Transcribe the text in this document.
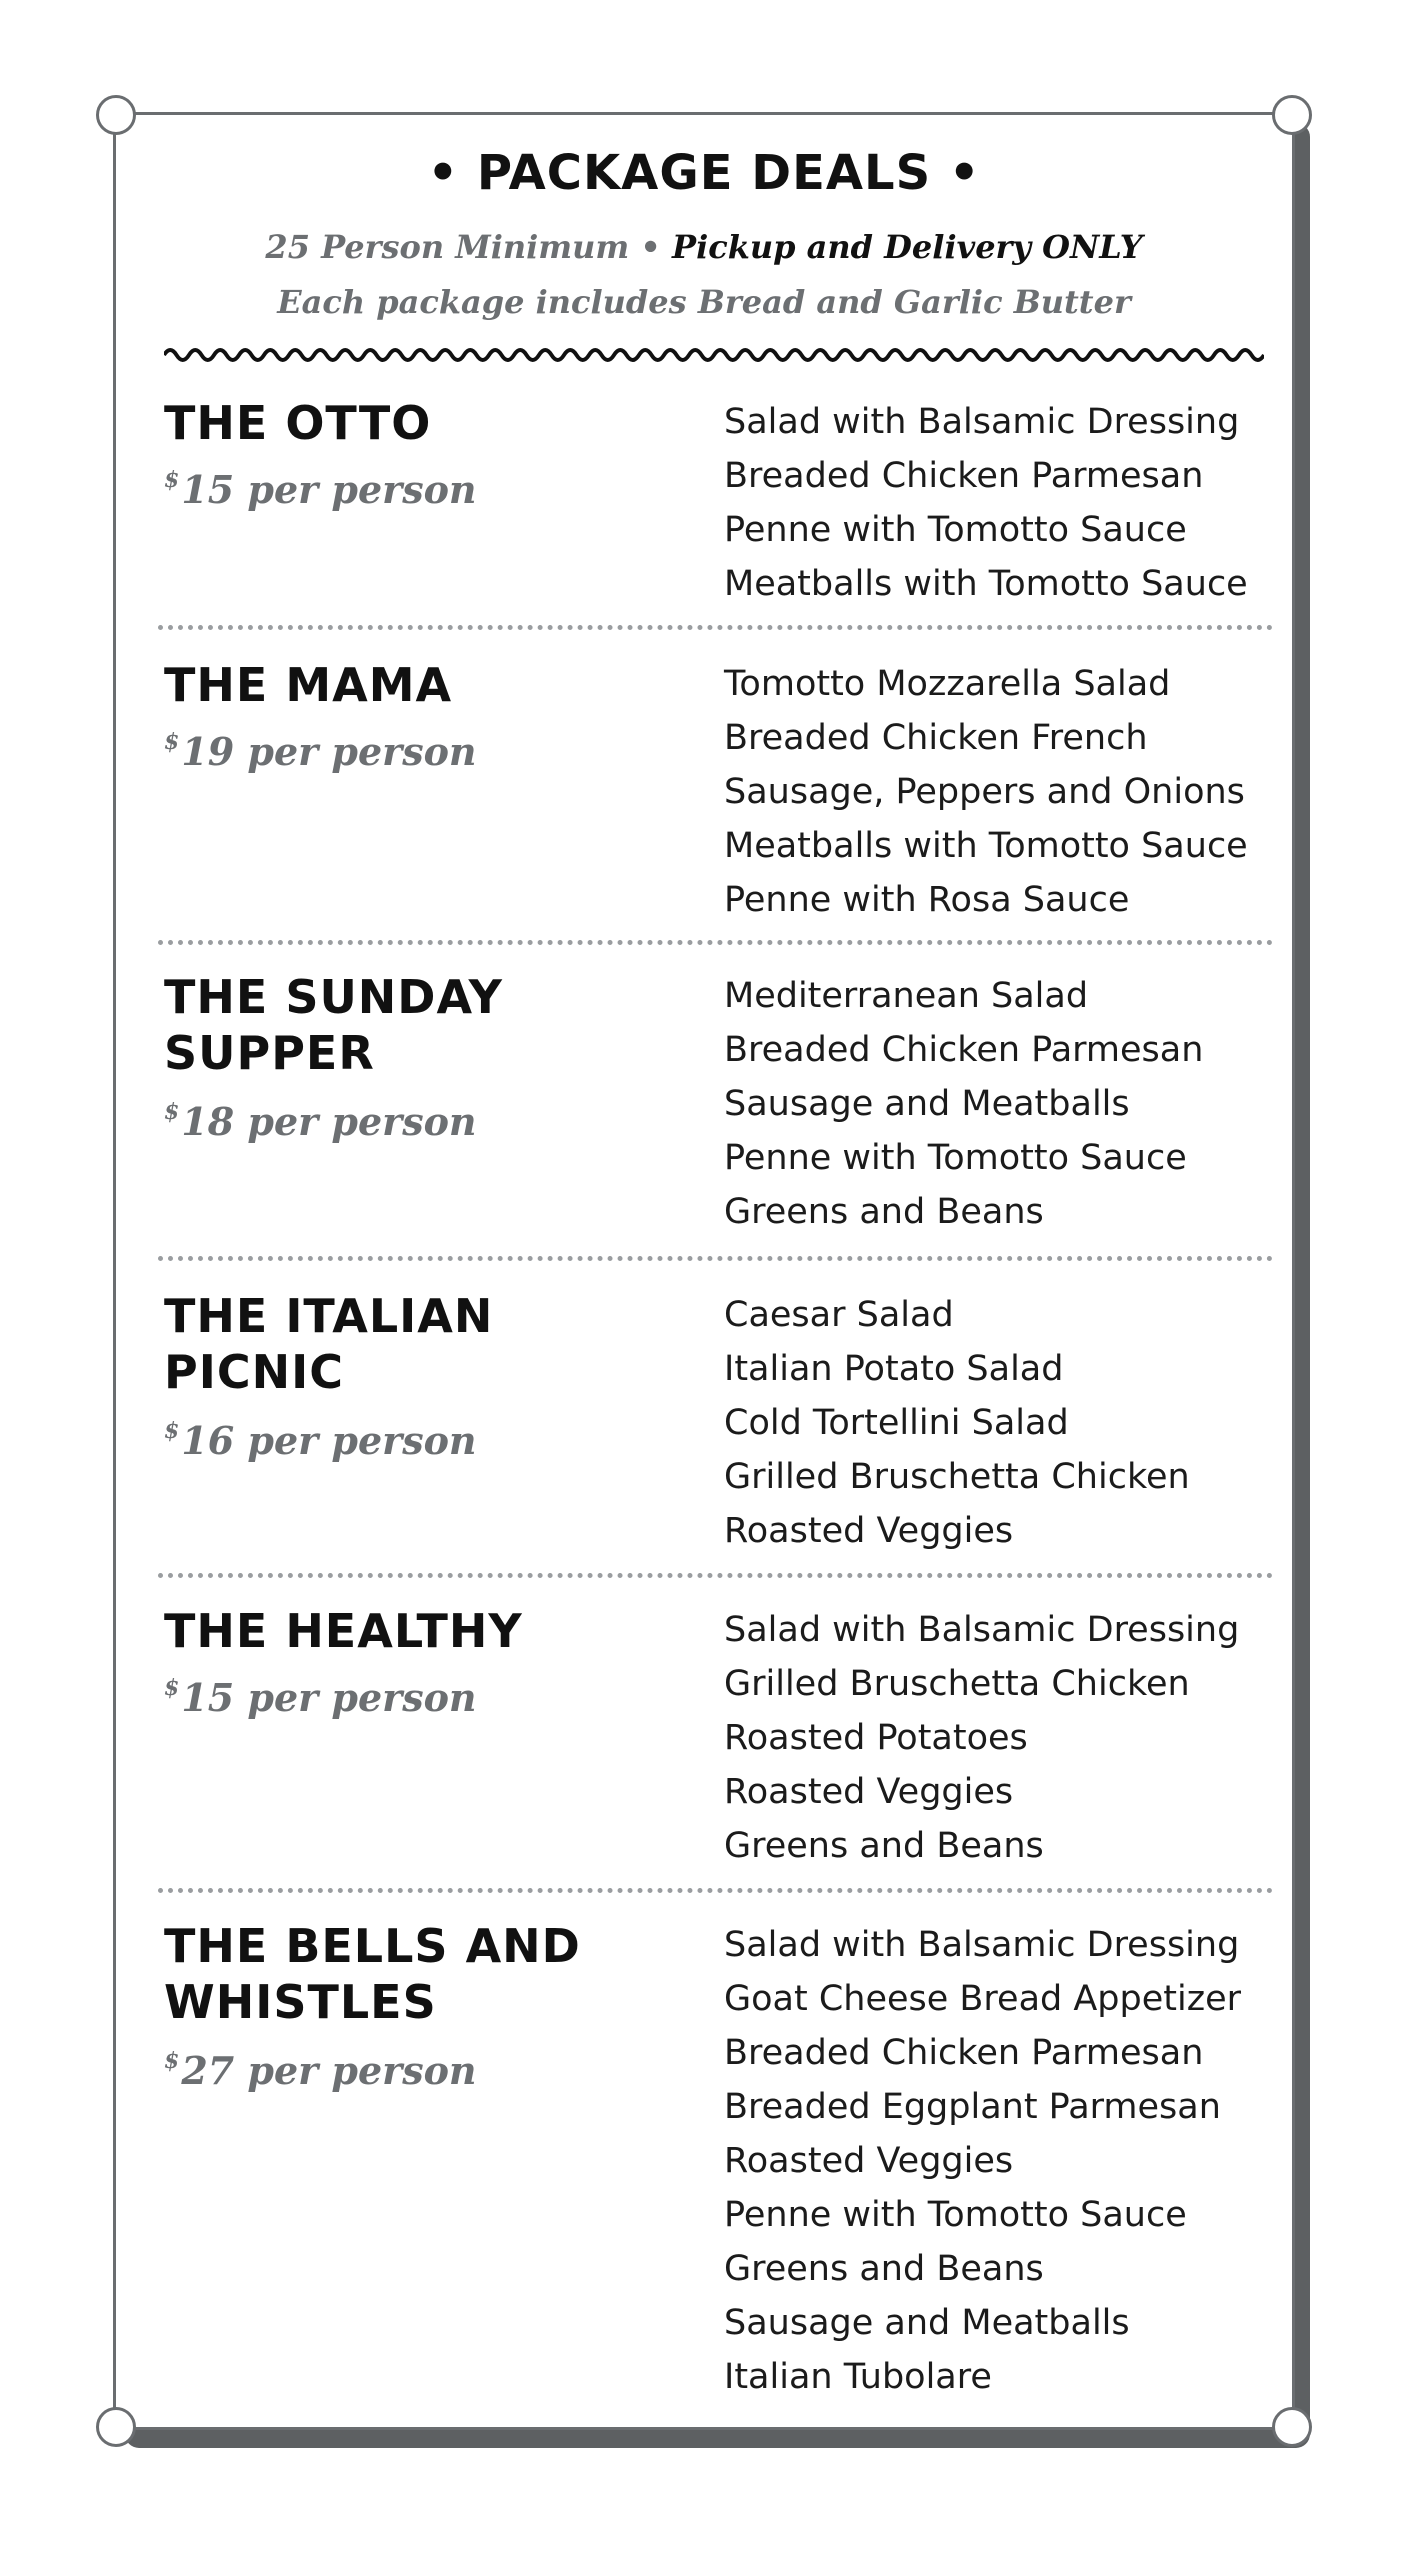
• PACKAGE DEALS •
25 Person Minimum • Pickup and Delivery ONLY
Each package includes Bread and Garlic Butter
THE OTTO
$15 per person
Salad with Balsamic Dressing
Breaded Chicken Parmesan
Penne with Tomotto Sauce
Meatballs with Tomotto Sauce
THE MAMA
$19 per person
Tomotto Mozzarella Salad
Breaded Chicken French
Sausage, Peppers and Onions
Meatballs with Tomotto Sauce
Penne with Rosa Sauce
THE SUNDAY SUPPER
$18 per person
Mediterranean Salad
Breaded Chicken Parmesan
Sausage and Meatballs
Penne with Tomotto Sauce
Greens and Beans
THE ITALIAN PICNIC
$16 per person
Caesar Salad
Italian Potato Salad
Cold Tortellini Salad
Grilled Bruschetta Chicken
Roasted Veggies
THE HEALTHY
$15 per person
Salad with Balsamic Dressing
Grilled Bruschetta Chicken
Roasted Potatoes
Roasted Veggies
Greens and Beans
THE BELLS AND WHISTLES
$27 per person
Salad with Balsamic Dressing
Goat Cheese Bread Appetizer
Breaded Chicken Parmesan
Breaded Eggplant Parmesan
Roasted Veggies
Penne with Tomotto Sauce
Greens and Beans
Sausage and Meatballs
Italian Tubolare
